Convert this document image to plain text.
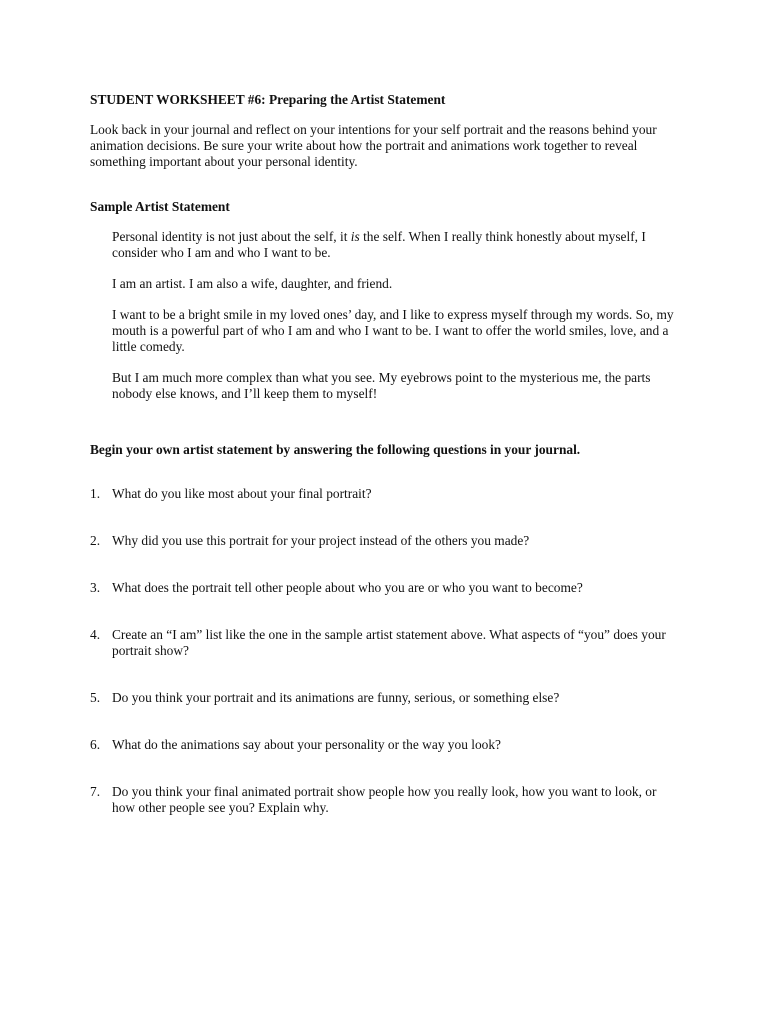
STUDENT WORKSHEET #6: Preparing the Artist Statement

Look back in your journal and reflect on your intentions for your self portrait and the reasons behind your animation decisions. Be sure your write about how the portrait and animations work together to reveal something important about your personal identity.

Sample Artist Statement

Personal identity is not just about the self, it is the self. When I really think honestly about myself, I consider who I am and who I want to be.

I am an artist. I am also a wife, daughter, and friend.

I want to be a bright smile in my loved ones’ day, and I like to express myself through my words. So, my mouth is a powerful part of who I am and who I want to be. I want to offer the world smiles, love, and a little comedy.

But I am much more complex than what you see. My eyebrows point to the mysterious me, the parts nobody else knows, and I’ll keep them to myself!

Begin your own artist statement by answering the following questions in your journal.
1. What do you like most about your final portrait?
2. Why did you use this portrait for your project instead of the others you made?
3. What does the portrait tell other people about who you are or who you want to become?
4. Create an “I am” list like the one in the sample artist statement above. What aspects of “you” does your portrait show?
5. Do you think your portrait and its animations are funny, serious, or something else?
6. What do the animations say about your personality or the way you look?
7. Do you think your final animated portrait show people how you really look, how you want to look, or how other people see you? Explain why.
